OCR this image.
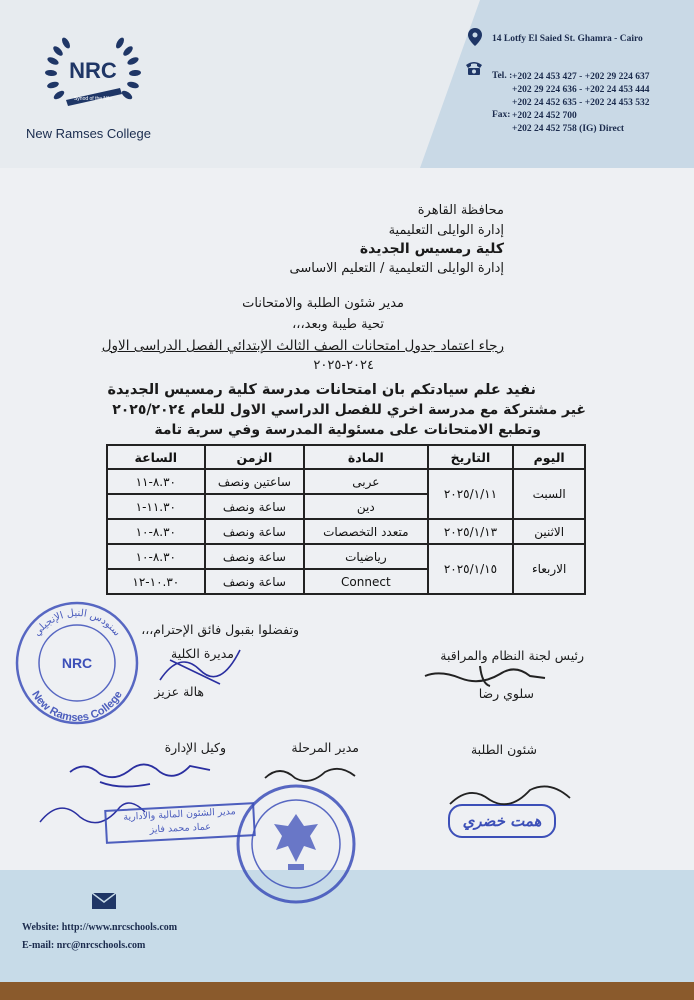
NRC
Synod of the Nile
New Ramses College
14 Lotfy El Saied St. Ghamra - Cairo
Tel. : +202 24 453 427 - +202 29 224 637
+202 29 224 636 - +202 24 453 444
+202 24 452 635 - +202 24 453 532
Fax: +202 24 452 700
+202 24 452 758 (IG) Direct
محافظة القاهرة
إدارة الوايلى التعليمية
كلية رمسيس الجديدة
إدارة الوايلى التعليمية / التعليم الاساسى
مدير شئون الطلبة والامتحانات
تحية طيبة وبعد،،،
رجاء اعتماد جدول امتحانات الصف الثالث الإبتدائي الفصل الدراسى الاول
٢٠٢٤-٢٠٢٥
نفيد علم سيادتكم بان امتحانات مدرسة كلية رمسيس الجديدة
غير مشتركة مع مدرسة اخري للفصل الدراسي الاول للعام ٢٠٢٥/٢٠٢٤
وتطبع الامتحانات على مسئولية المدرسة وفي سرية تامة
اليوم	التاريخ	المادة	الزمن	الساعة
السبت	٢٠٢٥/١/١١	عربى	ساعتين ونصف	٨.٣٠-١١
		دين	ساعة ونصف	١١.٣٠-١
الاثنين	٢٠٢٥/١/١٣	متعدد التخصصات	ساعة ونصف	٨.٣٠-١٠
الاربعاء	٢٠٢٥/١/١٥	رياضيات	ساعة ونصف	٨.٣٠-١٠
		Connect	ساعة ونصف	١٠.٣٠-١٢
وتفضلوا بقبول فائق الإحترام،،،
رئيس لجنة النظام والمراقبة
سلوي رضا
مديرة الكلية
هالة عزيز
شئون الطلبة
مدير المرحلة
وكيل الإدارة
سنودس النيل الإنجيلي
New Ramses College
NRC
مدير الشئون المالية والادارية
عماد محمد فايز	همت خضري
Website: http://www.nrcschools.com
E-mail: nrc@nrcschools.com
